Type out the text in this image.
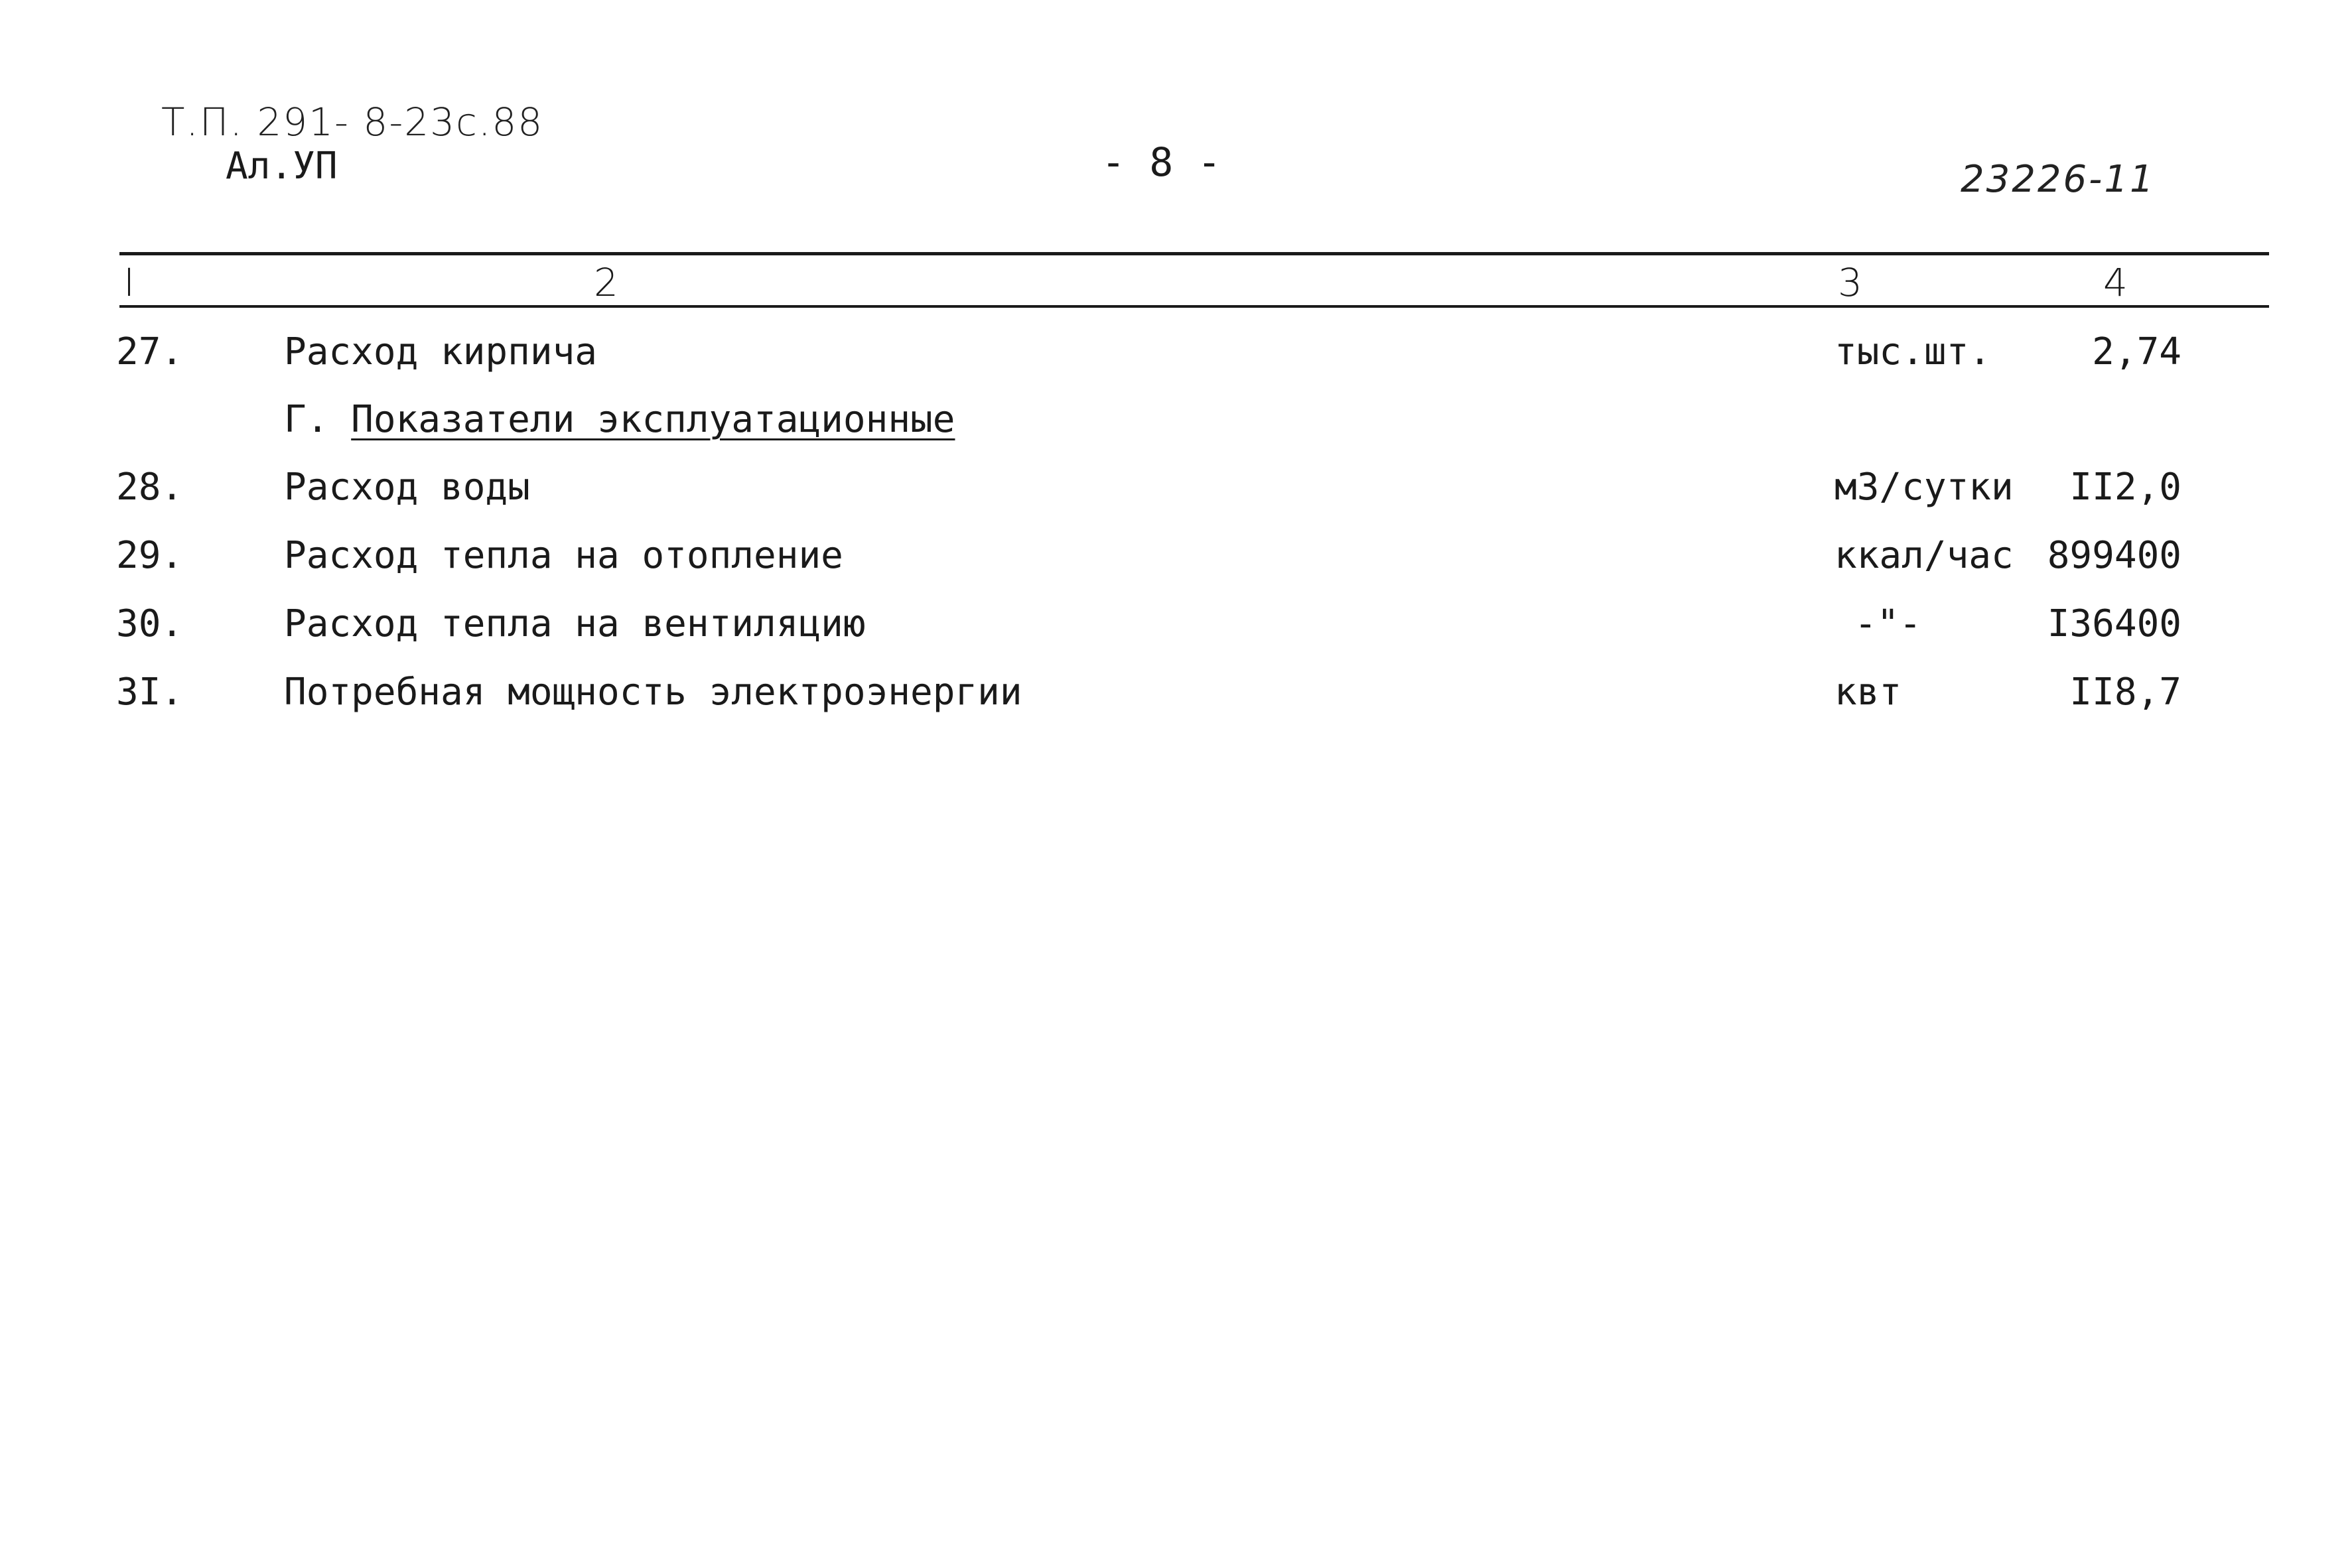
Т.П. 291- 8-23с.88
Ал.УП	- 8 -	23226-11
I	2	3	4
27.	Расход кирпича	тыс.шт.	2,74
Г. Показатели эксплуатационные
28.	Расход воды	м3/сутки	II2,0
29.	Расход тепла на отопление	ккал/час 899400
30.	Расход тепла на вентиляцию	-"-	I36400
3I.	Потребная мощность электроэнергии	квт	II8,7
